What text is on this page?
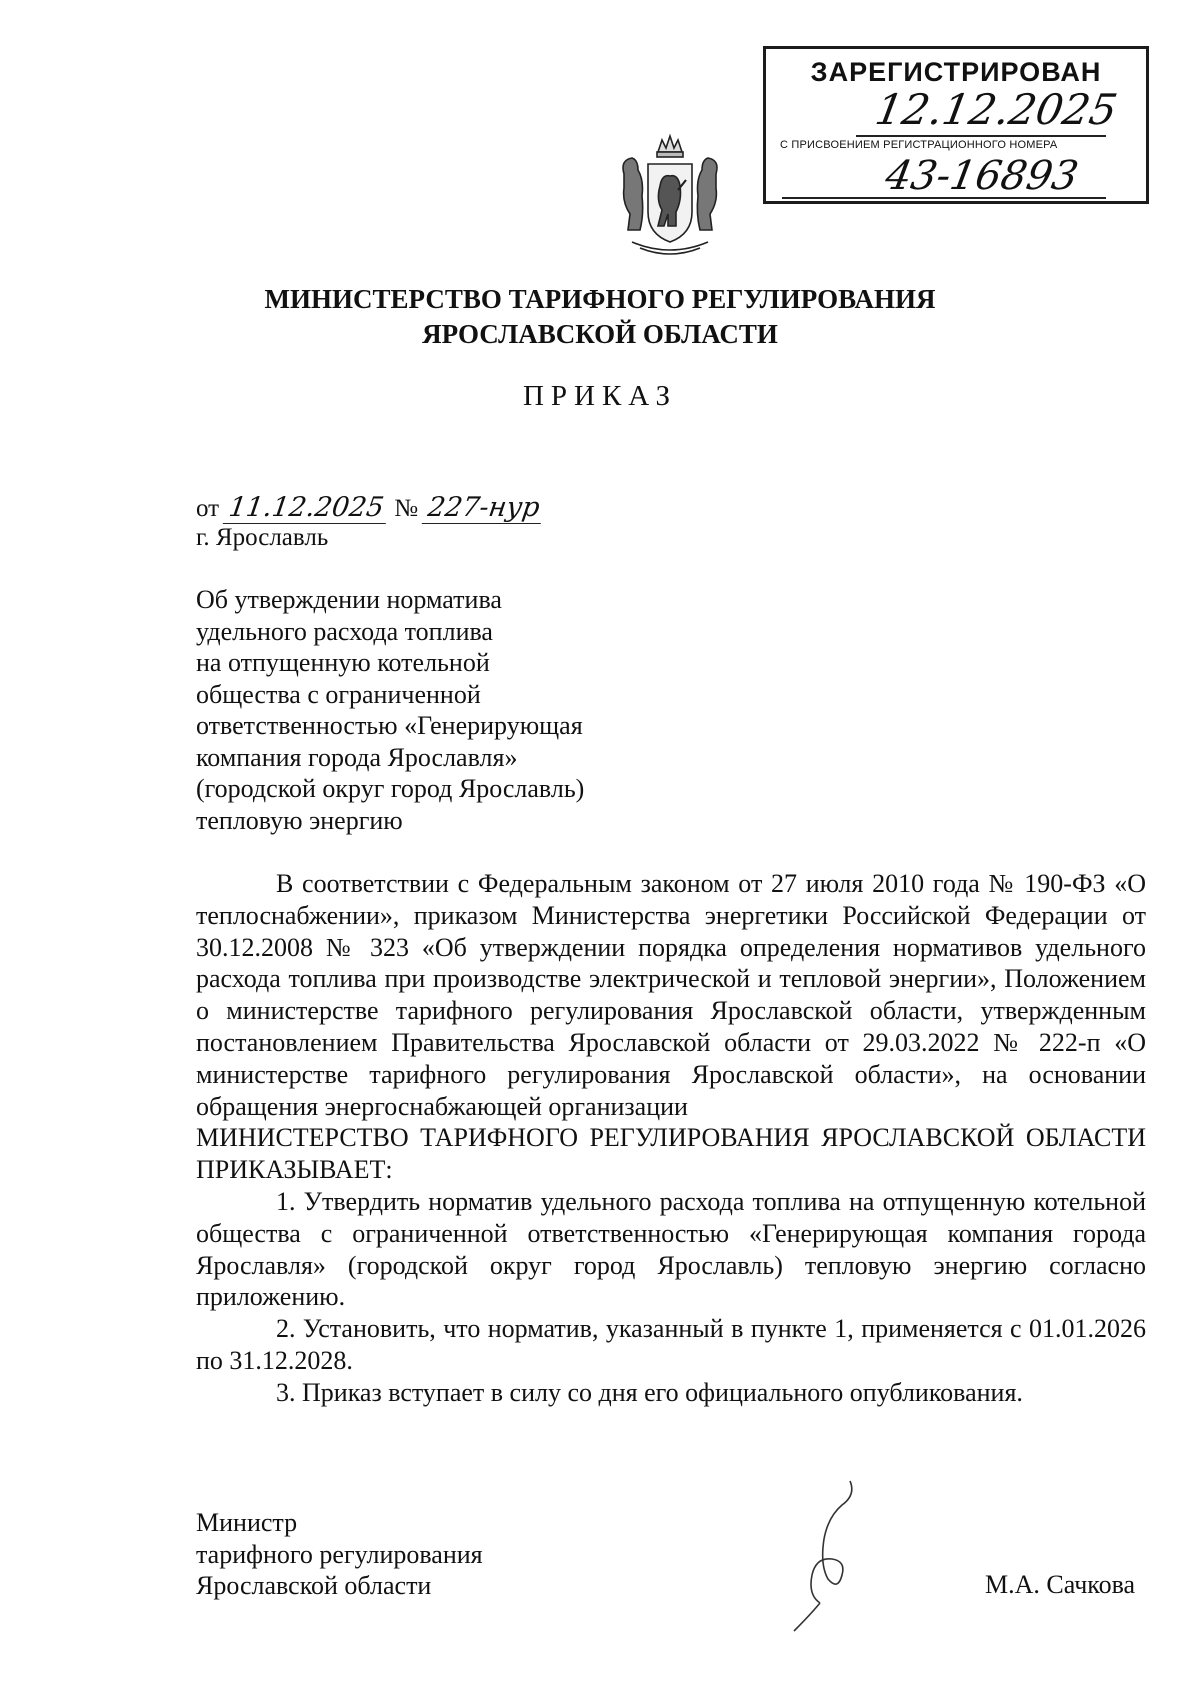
ЗАРЕГИСТРИРОВАН
12.12.2025
С ПРИСВОЕНИЕМ РЕГИСТРАЦИОННОГО НОМЕРА
43-16893
МИНИСТЕРСТВО ТАРИФНОГО РЕГУЛИРОВАНИЯ
ЯРОСЛАВСКОЙ ОБЛАСТИ
ПРИКАЗ
от 11.12.2025 № 227-нур
г. Ярославль
Об утверждении норматива
удельного расхода топлива
на отпущенную котельной
общества с ограниченной
ответственностью «Генерирующая
компания города Ярославля»
(городской округ город Ярославль)
тепловую энергию

В соответствии с Федеральным законом от 27 июля 2010 года № 190-ФЗ «О теплоснабжении», приказом Министерства энергетики Российской Федерации от 30.12.2008 № 323 «Об утверждении порядка определения нормативов удельного расхода топлива при производстве электрической и тепловой энергии», Положением о министерстве тарифного регулирования Ярославской области, утвержденным постановлением Правительства Ярославской области от 29.03.2022 № 222-п «О министерстве тарифного регулирования Ярославской области», на основании обращения энергоснабжающей организации

МИНИСТЕРСТВО ТАРИФНОГО РЕГУЛИРОВАНИЯ ЯРОСЛАВСКОЙ ОБЛАСТИ ПРИКАЗЫВАЕТ:

1. Утвердить норматив удельного расхода топлива на отпущенную котельной общества с ограниченной ответственностью «Генерирующая компания города Ярославля» (городской округ город Ярославль) тепловую энергию согласно приложению.

2. Установить, что норматив, указанный в пункте 1, применяется с 01.01.2026 по 31.12.2028.

3. Приказ вступает в силу со дня его официального опубликования.

Министр
тарифного регулирования
Ярославской области	М.А. Сачкова
